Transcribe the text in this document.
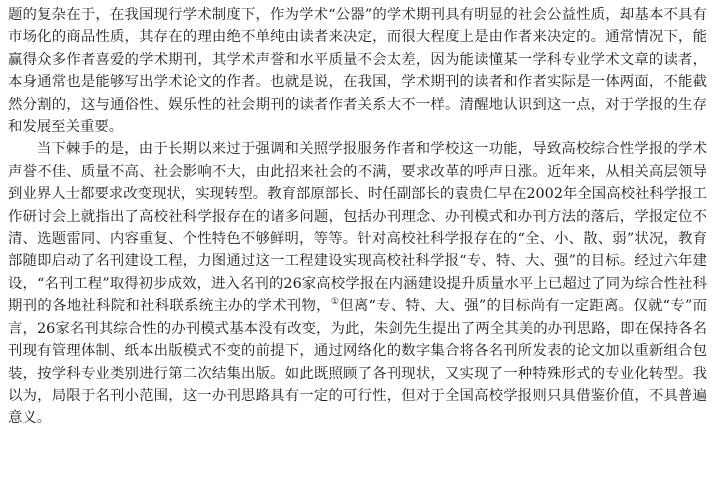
题的复杂在于，在我国现行学术制度下，作为学术“公器”的学术期刊具有明显的社会公益性质，却基本不具有市场化的商品性质，其存在的理由绝不单纯由读者来决定，而很大程度上是由作者来决定的。通常情况下，能赢得众多作者喜爱的学术期刊，其学术声誉和水平质量不会太差，因为能读懂某一学科专业学术文章的读者，本身通常也是能够写出学术论文的作者。也就是说，在我国，学术期刊的读者和作者实际是一体两面，不能截然分割的，这与通俗性、娱乐性的社会期刊的读者作者关系大不一样。清醒地认识到这一点，对于学报的生存和发展至关重要。

当下棘手的是，由于长期以来过于强调和关照学报服务作者和学校这一功能，导致高校综合性学报的学术声誉不佳、质量不高、社会影响不大，由此招来社会的不满，要求改革的呼声日涨。近年来，从相关高层领导到业界人士都要求改变现状，实现转型。教育部原部长、时任副部长的袁贵仁早在2002年全国高校社科学报工作研讨会上就指出了高校社科学报存在的诸多问题，包括办刊理念、办刊模式和办刊方法的落后，学报定位不清、选题雷同、内容重复、个性特色不够鲜明，等等。针对高校社科学报存在的“全、小、散、弱”状况，教育部随即启动了名刊建设工程，力图通过这一工程建设实现高校社科学报“专、特、大、强”的目标。经过六年建设，“名刊工程”取得初步成效，进入名刊的26家高校学报在内涵建设提升质量水平上已超过了同为综合性社科期刊的各地社科院和社科联系统主办的学术刊物，①但离“专、特、大、强”的目标尚有一定距离。仅就“专”而言，26家名刊其综合性的办刊模式基本没有改变，为此，朱剑先生提出了两全其美的办刊思路，即在保持各名刊现有管理体制、纸本出版模式不变的前提下，通过网络化的数字集合将各名刊所发表的论文加以重新组合包装，按学科专业类别进行第二次结集出版。如此既照顾了各刊现状，又实现了一种特殊形式的专业化转型。我以为，局限于名刊小范围，这一办刊思路具有一定的可行性，但对于全国高校学报则只具借鉴价值，不具普遍意义。
